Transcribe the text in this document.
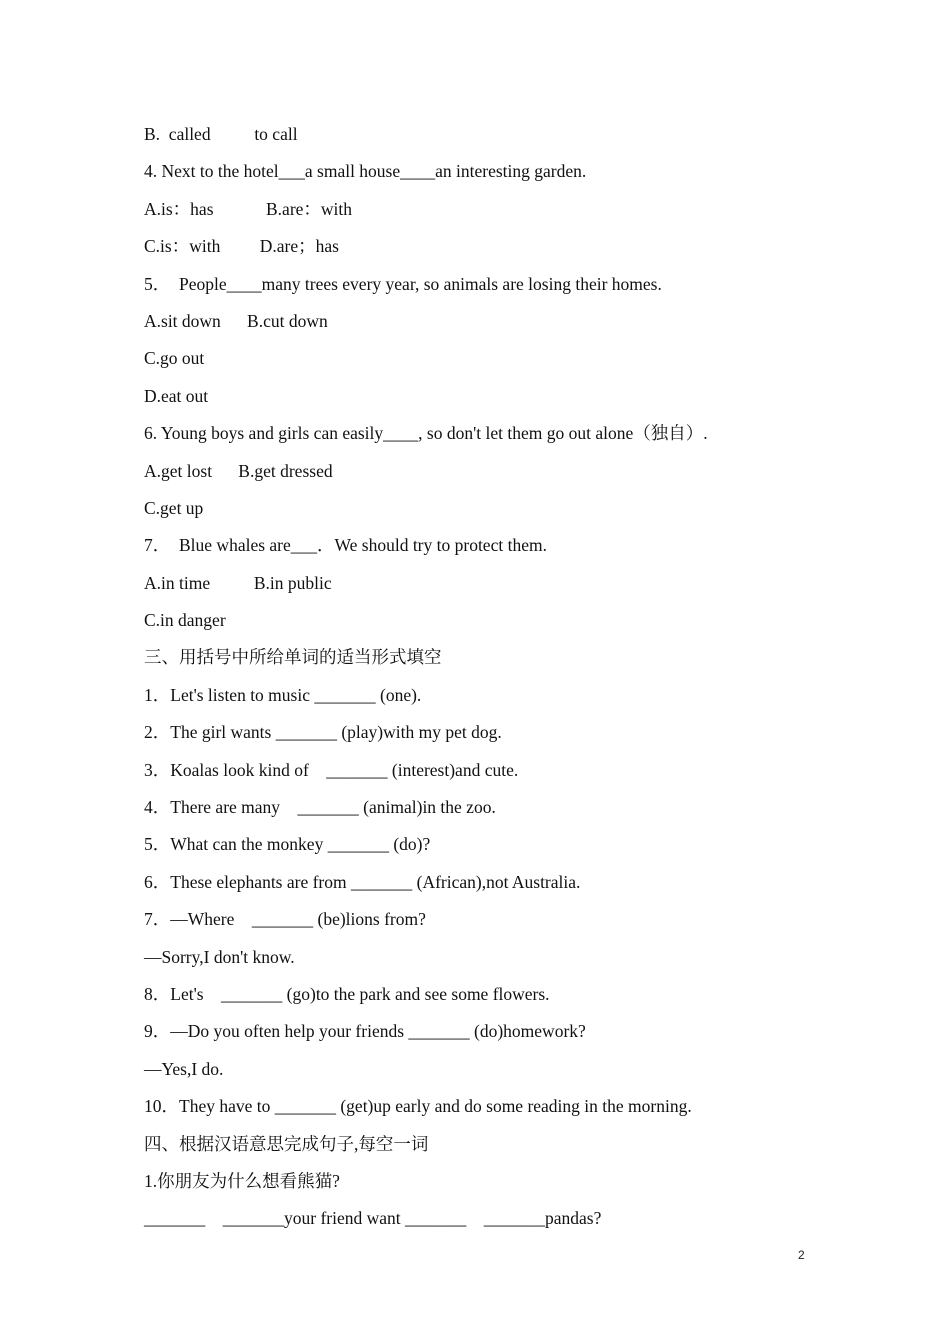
B.  called          to call
4. Next to the hotel___a small house____an interesting garden.
A.is：has            B.are：with
C.is：with         D.are；has
5．  People____many trees every year, so animals are losing their homes.
A.sit down      B.cut down
C.go out
D.eat out
6. Young boys and girls can easily____, so don't let them go out alone（独自）.
A.get lost      B.get dressed
C.get up
7．  Blue whales are___．We should try to protect them.
A.in time          B.in public
C.in danger
三、用括号中所给单词的适当形式填空
1．Let's listen to music _______ (one).
2．The girl wants _______ (play)with my pet dog.
3．Koalas look kind of    _______ (interest)and cute.
4．There are many    _______ (animal)in the zoo.
5．What can the monkey _______ (do)?
6．These elephants are from _______ (African),not Australia.
7．—Where    _______ (be)lions from?
—Sorry,I don't know.
8．Let's    _______ (go)to the park and see some flowers.
9．—Do you often help your friends _______ (do)homework?
—Yes,I do.
10．They have to _______ (get)up early and do some reading in the morning.
四、根据汉语意思完成句子,每空一词
1.你朋友为什么想看熊猫?
_______    _______your friend want _______    _______pandas?
2
